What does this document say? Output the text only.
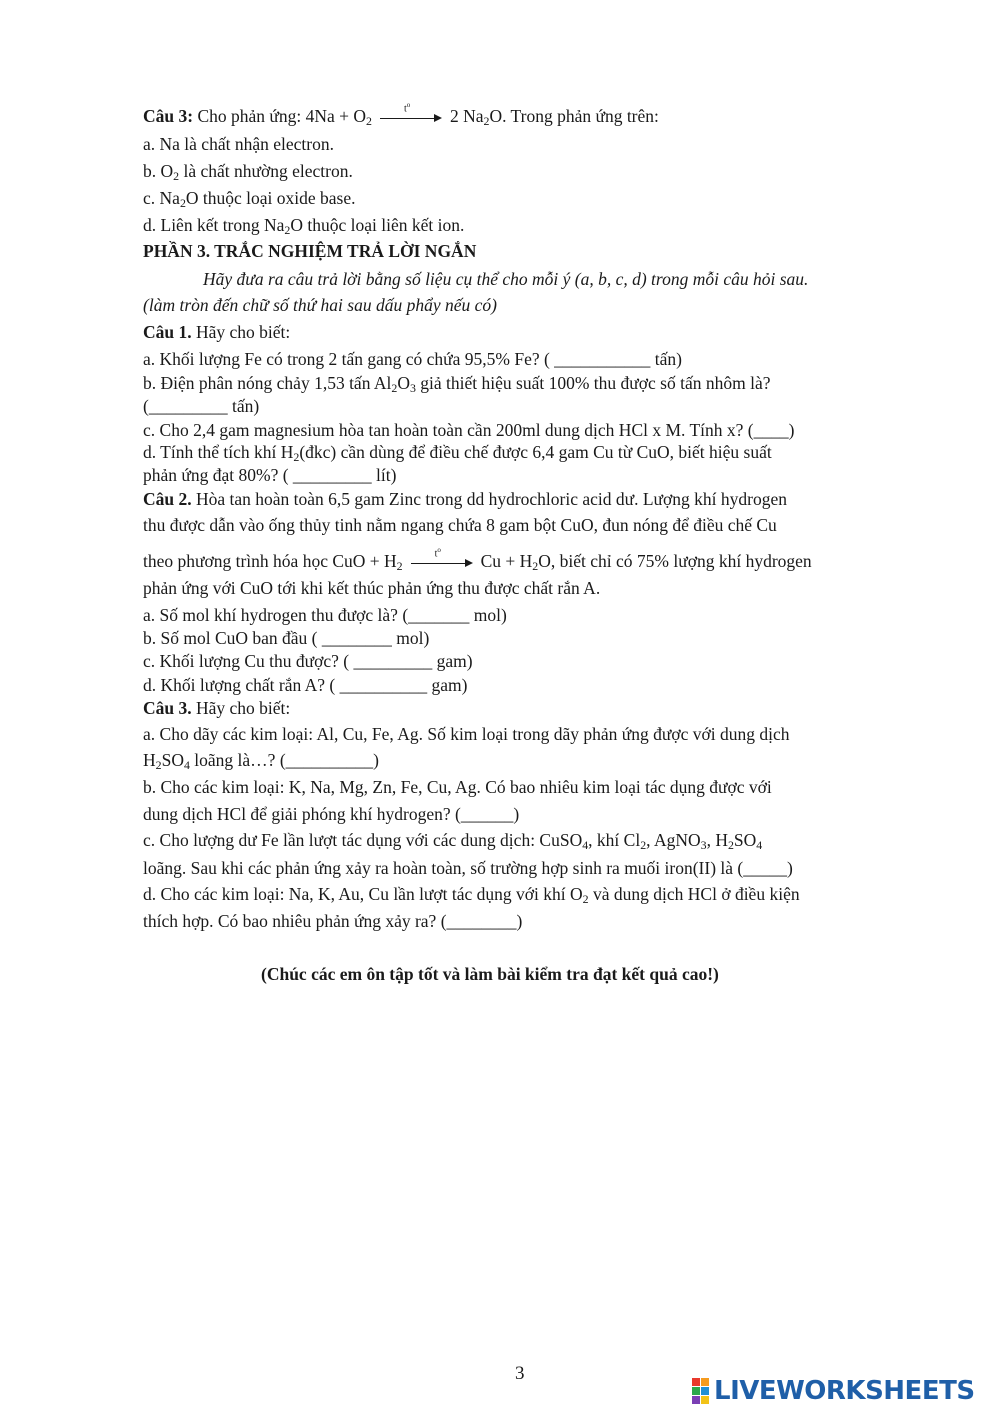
Câu 3: Cho phản ứng: $4Na + O_2$
$t^o$
2 $Na_2O$. Trong phản ứng trên:
a. Na là chất nhận electron.
b. $O_2$ là chất nhường electron.
c. $Na_2O$ thuộc loại oxide base.
d. Liên kết trong $Na_2O$ thuộc loại liên kết ion.
PHẦN 3. TRẮC NGHIỆM TRẢ LỜI NGẮN
Hãy đưa ra câu trả lời bằng số liệu cụ thể cho mỗi ý (a, b, c, d) trong mỗi câu hỏi sau.
(làm tròn đến chữ số thứ hai sau dấu phẩy nếu có)
Câu 1. Hãy cho biết:
a. Khối lượng Fe có trong 2 tấn gang có chứa 95,5% Fe? ( ___________ tấn)
b. Điện phân nóng chảy 1,53 tấn $Al_2O_3$ giả thiết hiệu suất 100% thu được số tấn nhôm là?
(_________ tấn)
c. Cho 2,4 gam magnesium hòa tan hoàn toàn cần 200ml dung dịch HCl x M. Tính x? (____)
d. Tính thể tích khí $H_2(đkc)$ cần dùng để điều chế được 6,4 gam Cu từ CuO, biết hiệu suất
phản ứng đạt 80%? ( _________ lít)
Câu 2. Hòa tan hoàn toàn 6,5 gam Zinc trong dd hydrochloric acid dư. Lượng khí hydrogen
thu được dẫn vào ống thủy tinh nằm ngang chứa 8 gam bột CuO, đun nóng để điều chế Cu
theo phương trình hóa học CuO + $H_2$
$t^o$
$Cu + H_2O$, biết chỉ có 75% lượng khí hydrogen
phản ứng với CuO tới khi kết thúc phản ứng thu được chất rắn A.
a. Số mol khí hydrogen thu được là? (_______ mol)
b. Số mol CuO ban đầu ( ________ mol)
c. Khối lượng Cu thu được? ( _________ gam)
d. Khối lượng chất rắn A? ( __________ gam)
Câu 3. Hãy cho biết:
a. Cho dãy các kim loại: Al, Cu, Fe, Ag. Số kim loại trong dãy phản ứng được với dung dịch
$H_2SO_4$ loãng là…? (__________)
b. Cho các kim loại: K, Na, Mg, Zn, Fe, Cu, Ag. Có bao nhiêu kim loại tác dụng được với
dung dịch HCl để giải phóng khí hydrogen? (______)
c. Cho lượng dư Fe lần lượt tác dụng với các dung dịch: CuSO$_4$, khí $Cl_2$, AgNO$_3$, $H_2SO_4$
loãng. Sau khi các phản ứng xảy ra hoàn toàn, số trường hợp sinh ra muối iron(II) là (_____)
d. Cho các kim loại: Na, K, Au, Cu lần lượt tác dụng với khí $O_2$ và dung dịch HCl ở điều kiện
thích hợp. Có bao nhiêu phản ứng xảy ra? (________)
(Chúc các em ôn tập tốt và làm bài kiểm tra đạt kết quả cao!)
3
LIVEWORKSHEETS
